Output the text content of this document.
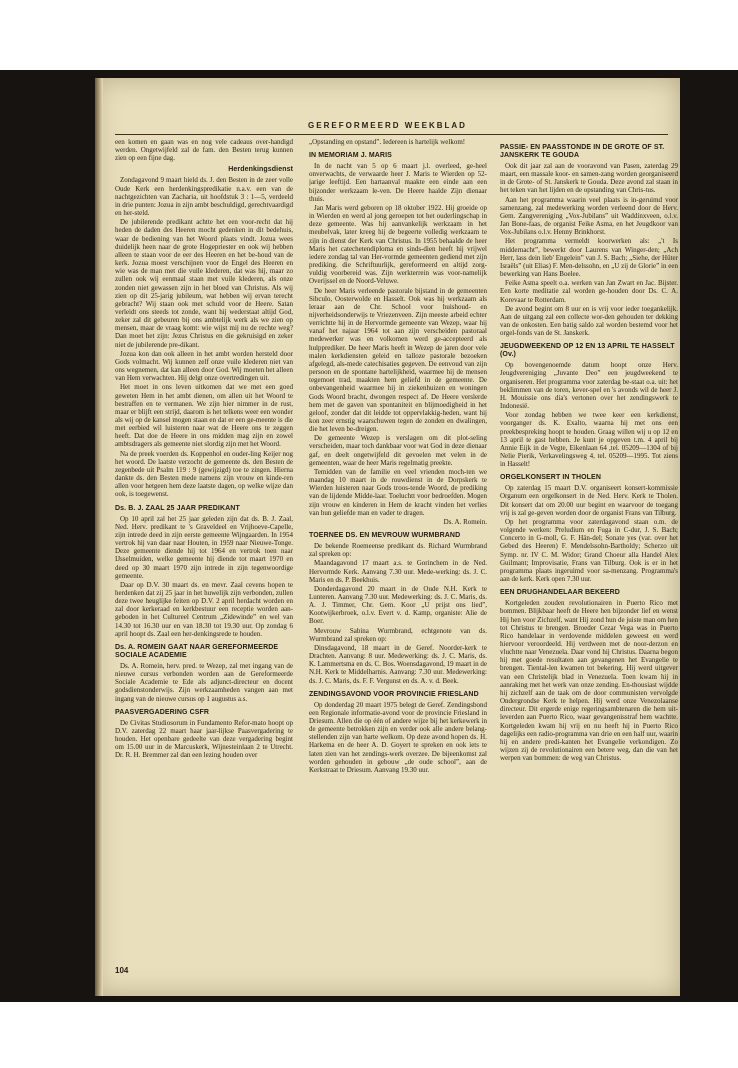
GEREFORMEERD WEEKBLAD

een komen en gaan was en nog vele cadeaus over-handigd werden. Ongetwijfeld zal de fam. den Besten terug kunnen zien op een fijne dag.

Herdenkingsdienst

Zondagavond 9 maart hield ds. J. den Besten in de zeer volle Oude Kerk een herdenkingspredikatie n.a.v. een van de nachtgezichten van Zacharia, uit hoofdstuk 3 : 1—5, verdeeld in drie punten: Jozua in zijn ambt beschuldigd, gerechtvaardigd en her-steld.

De jubilerende predikant achtte het een voor-recht dat hij heden de daden des Heeren mocht gedenken in dit bedehuis, waar de bediening van het Woord plaats vindt. Jozua wees duidelijk heen naar de grote Hogepriester en ook wij hebben alleen te staan voor de eer des Heeren en het be-houd van de kerk. Jozua moest verschijnen voor de Engel des Heeren en wie was de man met die vuile klederen, dat was hij, maar zo zullen ook wij eenmaal staan met vuile klederen, als onze zonden niet gewassen zijn in het bloed van Christus. Als wij zien op dit 25-jarig jubileum, wat hebben wij ervan terecht gebracht? Wij staan ook met schuld voor de Heere. Satan verleidt ons steeds tot zonde, want hij wederstaat altijd God, zeker zal dit gebeuren bij ons ambtelijk werk als we zien op mensen, maar de vraag komt: wie wijst mij nu de rechte weg? Dan moet het zijn: Jezus Christus en die gekruisigd en zeker niet de jubilerende pre-dikant.

Jozua kon dan ook alleen in het ambt worden hersteld door Gods volmacht. Wij kunnen zelf onze vuile klederen niet van ons wegnemen, dat kan alleen door God. Wij moeten het alleen van Hem verwachten. Hij delgt onze overtredingen uit.

Het moet in ons leven uitkomen dat we met een goed geweten Hem in het ambt dienen, om allen uit het Woord te bestraffen en te vermanen. We zijn hier nimmer in de rust, maar er blijft een strijd, daarom is het telkens weer een wonder als wij op de kansel mogen staan en dat er een ge-meente is die met eerbied wil luisteren naar wat de Heere ons te zeggen heeft. Dat doe de Heere in ons midden mag zijn en zowel ambtsdragers als gemeente niet slordig zijn met het Woord.

Na de preek voerden ds. Koppenhol en ouder-ling Keijer nog het woord. De laatste verzocht de gemeente ds. den Besten de zegenbede uit Psalm 119 : 9 (gewijzigd) toe te zingen. Hierna dankte ds. den Besten mede namens zijn vrouw en kinde-ren allen voor hetgeen hem deze laatste dagen, op welke wijze dan ook, is toegewenst.

Ds. B. J. ZAAL 25 JAAR PREDIKANT

Op 10 april zal het 25 jaar geleden zijn dat ds. B. J. Zaal, Ned. Herv. predikant te 's Graveldeel en Vrijhoeve-Capelle, zijn intrede deed in zijn eerste gemeente Wijngaarden. In 1954 vertrok hij van daar naar Houten, in 1959 naar Nieuwe-Tonge. Deze gemeente diende hij tot 1964 en vertrok toen naar IJsselmuiden, welke gemeente hij diende tot maart 1970 en deed op 30 maart 1970 zijn intrede in zijn tegenwoordige gemeente.

Daar op D.V. 30 maart ds. en mevr. Zaal cevens hopen te herdenken dat zij 25 jaar in het huwelijk zijn verbonden, zullen deze twee heuglijke feiten op D.V. 2 april herdacht worden en zal door kerkeraad en kerkbestuur een receptie worden aan-geboden in het Cultureel Centrum „Zidewinde” en wel van 14.30 tot 16.30 uur en van 18.30 tot 19.30 uur. Op zondag 6 april hoopt ds. Zaal een her-denkingsrede te houden.

Ds. A. ROMEIN GAAT NAAR GEREFORMEERDE SOCIALE ACADEMIE

Ds. A. Romein, herv. pred. te Wezep, zal met ingang van de nieuwe cursus verbonden worden aan de Gereformeerde Sociale Academie te Ede als adjunct-directeur en docent godsdienstonderwijs. Zijn werkzaamheden vangen aan met ingang van de nieuwe cursus op 1 augustus a.s.

PAASVERGADERING CSFR

De Civitas Studiosorum in Fundamento Refor-mato hoopt op D.V. zaterdag 22 maart haar jaar-lijkse Paasvergadering te houden. Het openbare gedeelte van deze vergadering begint om 15.00 uur in de Marcuskerk, Wijnesteinlaan 2 te Utrecht. Dr. R. H. Bremmer zal dan een lezing houden over

„Opstanding en opstand”. Iedereen is hartelijk welkom!

IN MEMORIAM J. MARIS

In de nacht van 5 op 6 maart j.l. overleed, ge-heel onverwachts, de verwaarde heer J. Maris te Wierden op 52-jarige leeftijd. Een hartaanval maakte een einde aan een bijzonder werkzaam le-ven. De Heere haalde Zijn dienaar thuis.

Jan Maris werd geboren op 18 oktober 1922. Hij groeide op in Wierden en werd al jong geroepen tot het ouderlingschap in deze gemeente. Was hij aanvankelijk werkzaam in het meubelvak, later kreeg hij de begeerte volledig werkzaam te zijn in dienst der Kerk van Christus. In 1955 behaalde de heer Maris het catechetendiploma en sinds-dien heeft hij vrijwel iedere zondag tal van Her-vormde gemeenten gediend met zijn prediking. die Schriftuurlijk, gereformeerd en altijd zorg-vuldig voorbereid was. Zijn werkterrein was voor-namelijk Overijssel en de Noord-Veluwe.

De heer Maris verleende pastorale bijstand in de gemeenten Sibculo, Oosterwolde en Hasselt. Ook was hij werkzaam als leraar aan de Chr. School voor huishoud- en nijverheidsonderwijs te Vriezenveen. Zijn meeste arbeid echter verrichtte hij in de Hervormde gemeente van Wezep, waar hij vanaf het najaar 1964 tot aan zijn verscheiden pastoraal medewerker was en volkomen werd ge-accepteerd als hulpprediker. De heer Maris heeft in Wezep de jaren door vele malen kerkdiensten geleid en talloze pastorale bezoeken afgelegd, als-mede catechisaties gegeven. De eenvoud van zijn persoon en de spontane hartelijkheid, waarmee hij de mensen tegemoet trad, maakten hem geliefd in de gemeente. De onbevangenheid waarmee hij in ziekenhuizen en woningen Gods Woord bracht, dwongen respect af. De Heere verslerde hem met de gaven van spontaniteit en blijmoedigheid in het geloof, zonder dat dit leidde tot oppervlakkig-heden, want hij kon zeer ernstig waarschuwen tegen de zonden en dwalingen, die het leven be-dreigen.

De gemeente Wezep is verslagen om dit plot-seling verscheiden, maar toch dankbaar voor wat God in deze dienaar gaf, en deelt ongetwijfeld dit gevoelen met velen in de gemeenten, waar de heer Maris regelmatig preekte.

Temidden van de familie en veel vrienden moch-ten we maandag 10 maart in de rouwdienst in de Dorpskerk te Wierden luisteren naar Gods troos-tende Woord, de prediking van de lijdende Midde-laar. Toeluchtt voor bedroefden. Mogen zijn vrouw en kinderen in Hem de kracht vinden het verlies van hun geliefde man en vader te dragen.

Ds. A. Romein.

TOERNEE DS. EN MEVROUW WURMBRAND

De bekende Roemeense predikant ds. Richard Wurmbrand zal spreken op:

Maandagavond 17 maart a.s. te Gorinchem in de Ned. Hervormde Kerk. Aanvang 7.30 uur. Mede-werking: ds. J. C. Maris en ds. P. Beekhuis.

Donderdagavond 20 maart in de Oude N.H. Kerk te Lunteren. Aanvang 7.30 uur. Medewerking: ds. J. C. Maris, ds. A. J. Timmer, Chr. Gem. Koor „U prijst ons lied”, Kootwijkerbroek, o.l.v. Evert v. d. Kamp, organiste: Alie de Boer.

Mevrouw Sabina Wurmbrand, echtgenote van ds. Wurmbrand zal spreken op:

Dinsdagavond, 18 maart in de Geref. Noorder-kerk te Drachten. Aanvang: 8 uur. Medewerking: ds. J. C. Maris, ds. K. Lammertsma en ds. C. Bos. Woensdagavond, 19 maart in de N.H. Kerk te Middelharnis. Aanvang: 7.30 uur. Medewerking: ds. J. C. Maris, ds. F. F. Vergunst en ds. A. v. d. Beek.

ZENDINGSAVOND VOOR PROVINCIE FRIESLAND

Op donderdag 20 maart 1975 belegt de Geref. Zendingsbond een Regionale informatie-avond voor de provincie Friesland in Driesum. Allen die op één of andere wijze bij het kerkewerk in de gemeente betrokken zijn en verder ook alle andere belang-stellenden zijn van harte welkom. Op deze avond hopen ds. H. Harkema en de heer A. D. Goyert te spreken en ook iets te laten zien van het zendings-werk overzee. De bijeenkomst zal worden gehouden in gebouw „de oude school”, aan de Kerkstraat te Driesum. Aanvang 19.30 uur.

PASSIE- EN PAASSTONDE IN DE GROTE OF ST. JANSKERK TE GOUDA

Ook dit jaar zal aan de vooravond van Pasen, zaterdag 29 maart, een massale koor- en samen-zang worden georganiseerd in de Grote- of St. Janskerk te Gouda. Deze avond zal staan in het teken van het lijden en de opstanding van Chris-tus.

Aan het programma waarin veel plaats is in-geruimd voor samenzang, zal medewerking worden verleend door de Herv. Gem. Zangvereniging „Vox-Jubilans” uit Waddinxveen, o.l.v. Jan Bone-faas, de organist Feike Asma, en het Jeugdkoor van Vox-Jubilans o.l.v. Henny Brinkhorst.

Het programma vermeldt koorwerken als: „'t Is middernacht”, bewerkt door Laurens van Winger-den; „Ach Herr, lass dein lieb' Engelein” van J. S. Bach; „Siehe, der Hüter Israëls” (uit Elias) F. Men-delssohn, en „U zij de Glorie” in een bewerking van Hans Boelee.

Feike Asma speelt o.a. werken van Jan Zwart en Jac. Bijster. Een korte meditatie zal worden ge-houden door Ds. C. A. Korevaar te Rotterdam.

De avond begint om 8 uur en is vrij voor ieder toegankelijk. Aan de uitgang zal een collecte wor-den gehouden ter dekking van de onkosten. Een batig saldo zal worden bestemd voor het orgel-fonds van de St. Janskerk.

JEUGDWEEKEND OP 12 EN 13 APRIL TE HASSELT (Ov.)

Op bovengenoemde datum hoopt onze Herv. Jeugdvereniging „Juvante Deo” een jeugdweekend te organiseren. Het programma voor zaterdag be-staat o.a. uit: het beklimmen van de toren, kever-spel en 's avonds wil de heer J. H. Mouissie ons dia's vertonen over het zendingswerk te Indonesië.

Voor zondag hebben we twee keer een kerkdienst, voorganger ds. K. Exalto, waarna hij met ons een preekbespreking hoopt te houden. Graag willen wij u op 12 en 13 april te gast hebben. Je kunt je opgeven t.m. 4 april bij Annie Eijk in de Vegte, Eikenlaan 64 ,tel. 05209—1304 of bij Nelie Pierik, Verkavelingsweg 4, tel. 05209—1995. Tot ziens in Hasselt!

ORGELKONSERT IN THOLEN

Op zaterdag 15 maart D.V. organiseert konsert-kommissie Organum een orgelkonsert in de Ned. Herv. Kerk te Tholen. Dit konsert dat om 20.00 uur begint en waarvoor de toegang vrij is zal ge-geven worden door de organist Frans van Tilburg.

Op het programma voor zaterdagavond staan o.m. de volgende werken: Preludium en Fuga in C-dur, J. S. Bach; Concerto in G-moll, G. F. Hän-del; Sonate yes (var. over het Gebed des Heeren) F. Mendelssohn-Bartholdy; Scherzo uit Symp. nr. IV C. M. Widor; Grand Choeur alla Handel Alex Guilmant; Improvisatie, Frans van Tilburg. Ook is er in het programma plaats ingeruimd voor sa-menzang. Programma's aan de kerk. Kerk open 7.30 uur.

EEN DRUGHANDELAAR BEKEERD

Kortgeleden zouden revolutionairen in Puerto Rico met bommen. Blijkbaar heeft de Heere hen bijzonder lief en wenst Hij hen voor Zichzelf, want Hij zond hun de juiste man om hen tot Christus te brengen. Broeder Cezar Vega was in Puerto Rico handelaar in verdovende middelen geweest en werd hiervoor veroordeeld. Hij verdween met de noor-derzon en vluchtte naar Venezuela. Daar vond hij Christus. Daarna begon hij met goede resultaten aan gevangenen het Evangelie te brengen. Tiental-len kwamen tot bekering. Hij werd uitgever van een Christelijk blad in Venezuela. Toen kwam hij in aanraking met het werk van onze zending. En-thousiast wijdde hij zichzelf aan de taak om de door communisten vervolgde Ondergrondse Kerk te helpen. Hij werd onze Venezolaanse directeur. Dit ergerde enige regeringsambtenaren die hem uit-leverden aan Puerto Rico, waar gevangenisstraf hem wachtte. Kortgeleden kwam hij vrij en nu heeft hij in Puerto Rico dagelijks een radio-programma van drie en een half uur, waarin hij en andere predi-kanten het Evangelie verkondigen. Zo wijzen zij de revolutionairen een betere weg, dan die van het werpen van bommen: de weg van Christus.

104
